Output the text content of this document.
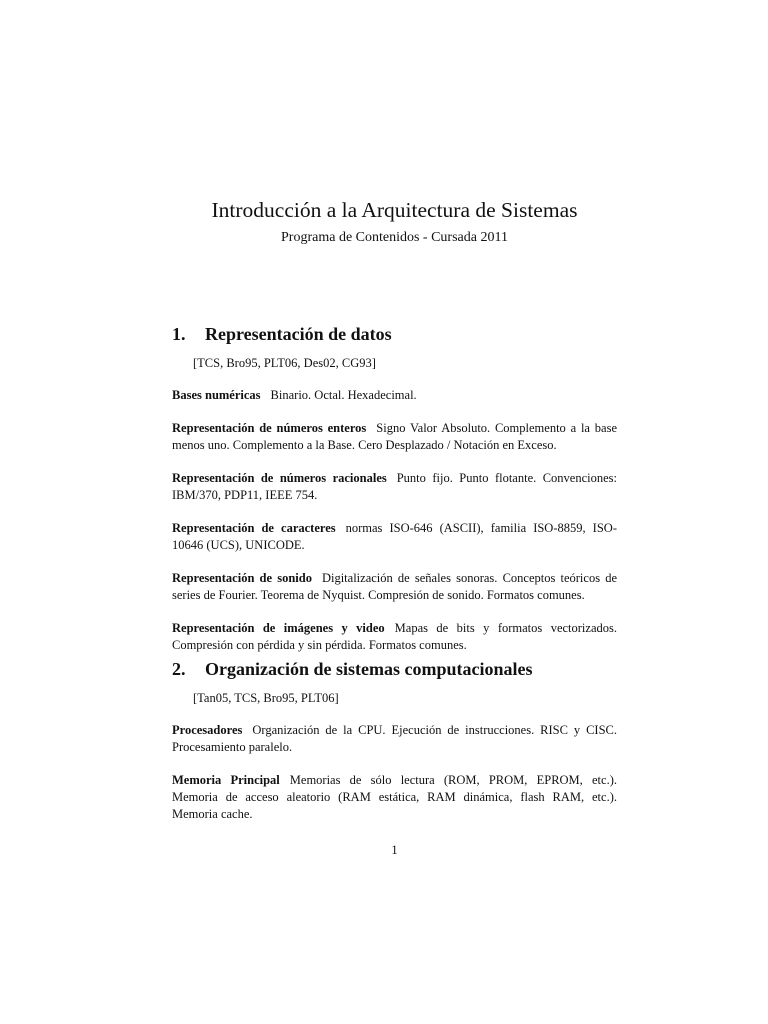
Introducción a la Arquitectura de Sistemas
Programa de Contenidos - Cursada 2011
1. Representación de datos
[TCS, Bro95, PLT06, Des02, CG93]

Bases numéricas Binario. Octal. Hexadecimal.

Representación de números enteros Signo Valor Absoluto. Complemento a la base menos uno. Complemento a la Base. Cero Desplazado / Notación en Exceso.

Representación de números racionales Punto fijo. Punto flotante. Convenciones: IBM/370, PDP11, IEEE 754.

Representación de caracteres normas ISO-646 (ASCII), familia ISO-8859, ISO-10646 (UCS), UNICODE.

Representación de sonido Digitalización de señales sonoras. Conceptos teóricos de series de Fourier. Teorema de Nyquist. Compresión de sonido. Formatos comunes.

Representación de imágenes y video Mapas de bits y formatos vectorizados. Compresión con pérdida y sin pérdida. Formatos comunes.

2. Organización de sistemas computacionales
[Tan05, TCS, Bro95, PLT06]

Procesadores Organización de la CPU. Ejecución de instrucciones. RISC y CISC. Procesamiento paralelo.

Memoria Principal Memorias de sólo lectura (ROM, PROM, EPROM, etc.). Memoria de acceso aleatorio (RAM estática, RAM dinámica, flash RAM, etc.). Memoria cache.

1
